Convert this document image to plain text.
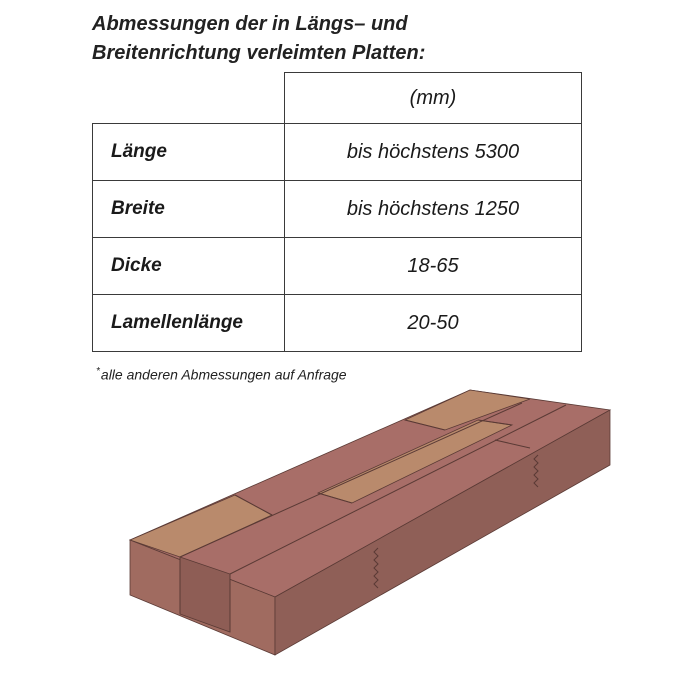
Abmessungen der in Längs– und
Breitenrichtung verleimten Platten:
	(mm)
Länge	bis höchstens 5300
Breite	bis höchstens 1250
Dicke	18-65
Lamellenlänge	20-50
*alle anderen Abmessungen auf Anfrage
